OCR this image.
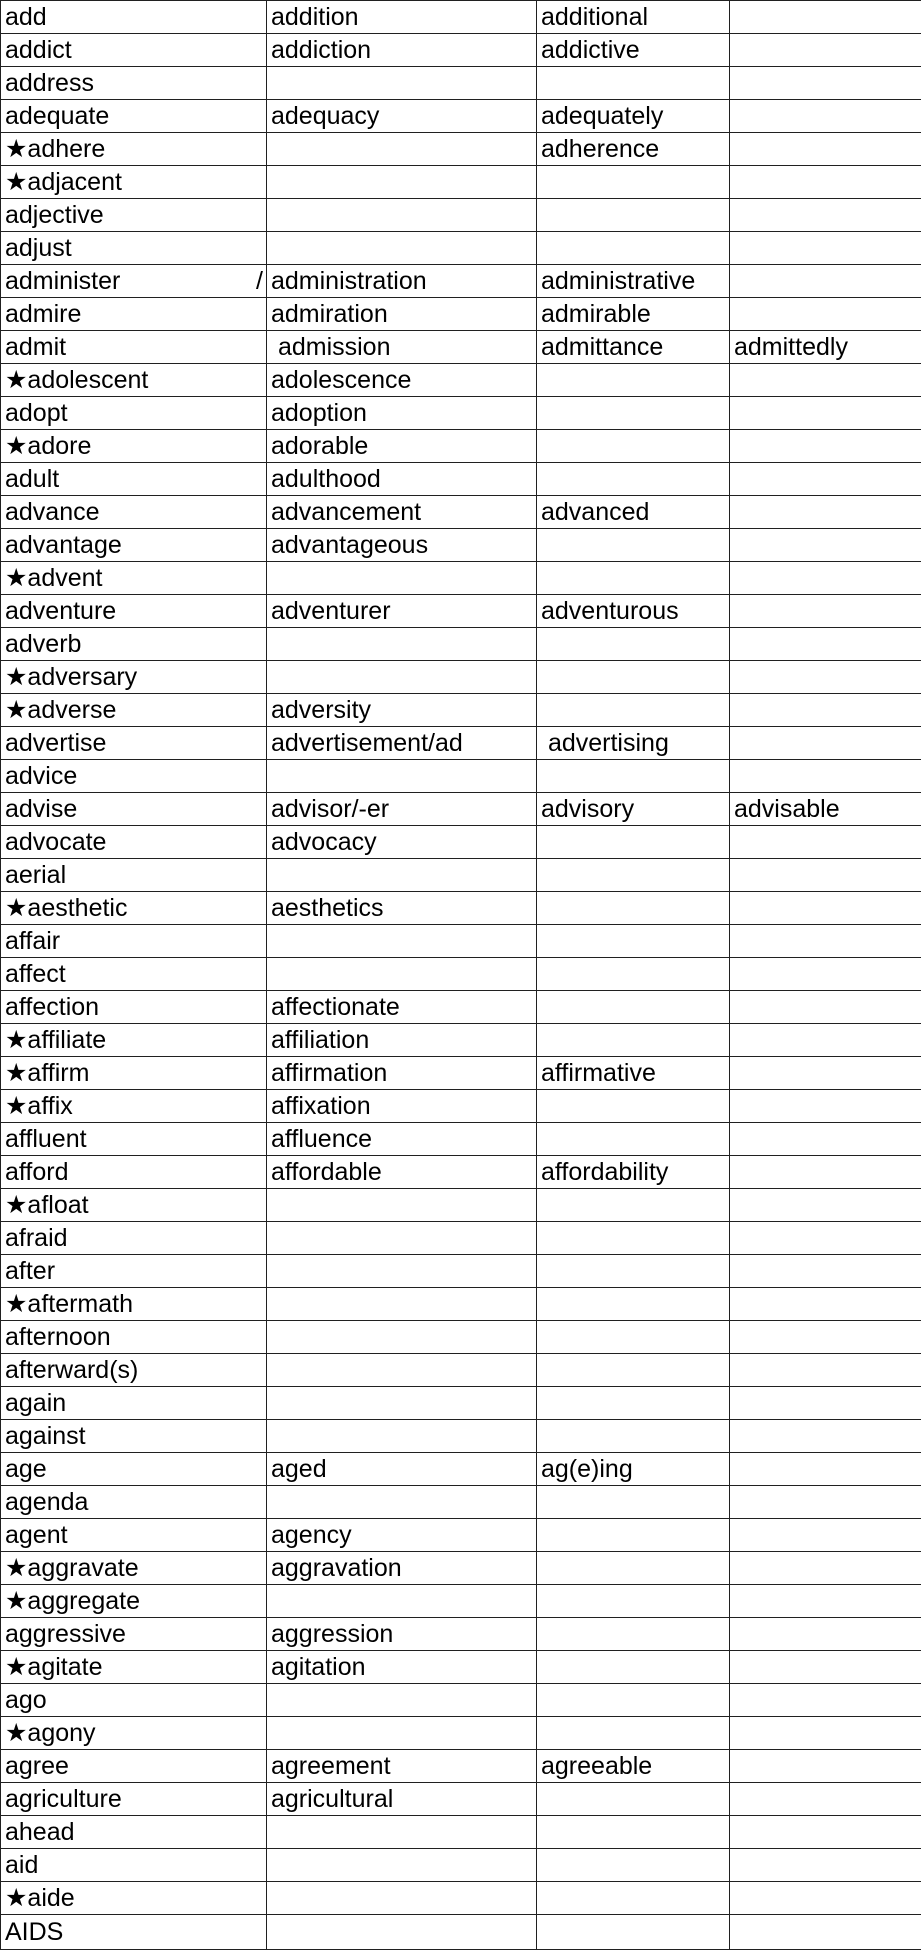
add	addition	additional	
addict	addiction	addictive	
address			
adequate	adequacy	adequately	
★adhere		adherence	
★adjacent			
adjective			
adjust			
administer /	administration	administrative	
admire	admiration	admirable	
admit	admission	admittance	admittedly
★adolescent	adolescence		
adopt	adoption		
★adore	adorable		
adult	adulthood		
advance	advancement	advanced	
advantage	advantageous		
★advent			
adventure	adventurer	adventurous	
adverb			
★adversary			
★adverse	adversity		
advertise	advertisement/ad	advertising	
advice			
advise	advisor/-er	advisory	advisable
advocate	advocacy		
aerial			
★aesthetic	aesthetics		
affair			
affect			
affection	affectionate		
★affiliate	affiliation		
★affirm	affirmation	affirmative	
★affix	affixation		
affluent	affluence		
afford	affordable	affordability	
★afloat			
afraid			
after			
★aftermath			
afternoon			
afterward(s)			
again			
against			
age	aged	ag(e)ing	
agenda			
agent	agency		
★aggravate	aggravation		
★aggregate			
aggressive	aggression		
★agitate	agitation		
ago			
★agony			
agree	agreement	agreeable	
agriculture	agricultural		
ahead			
aid			
★aide			
AIDS			
